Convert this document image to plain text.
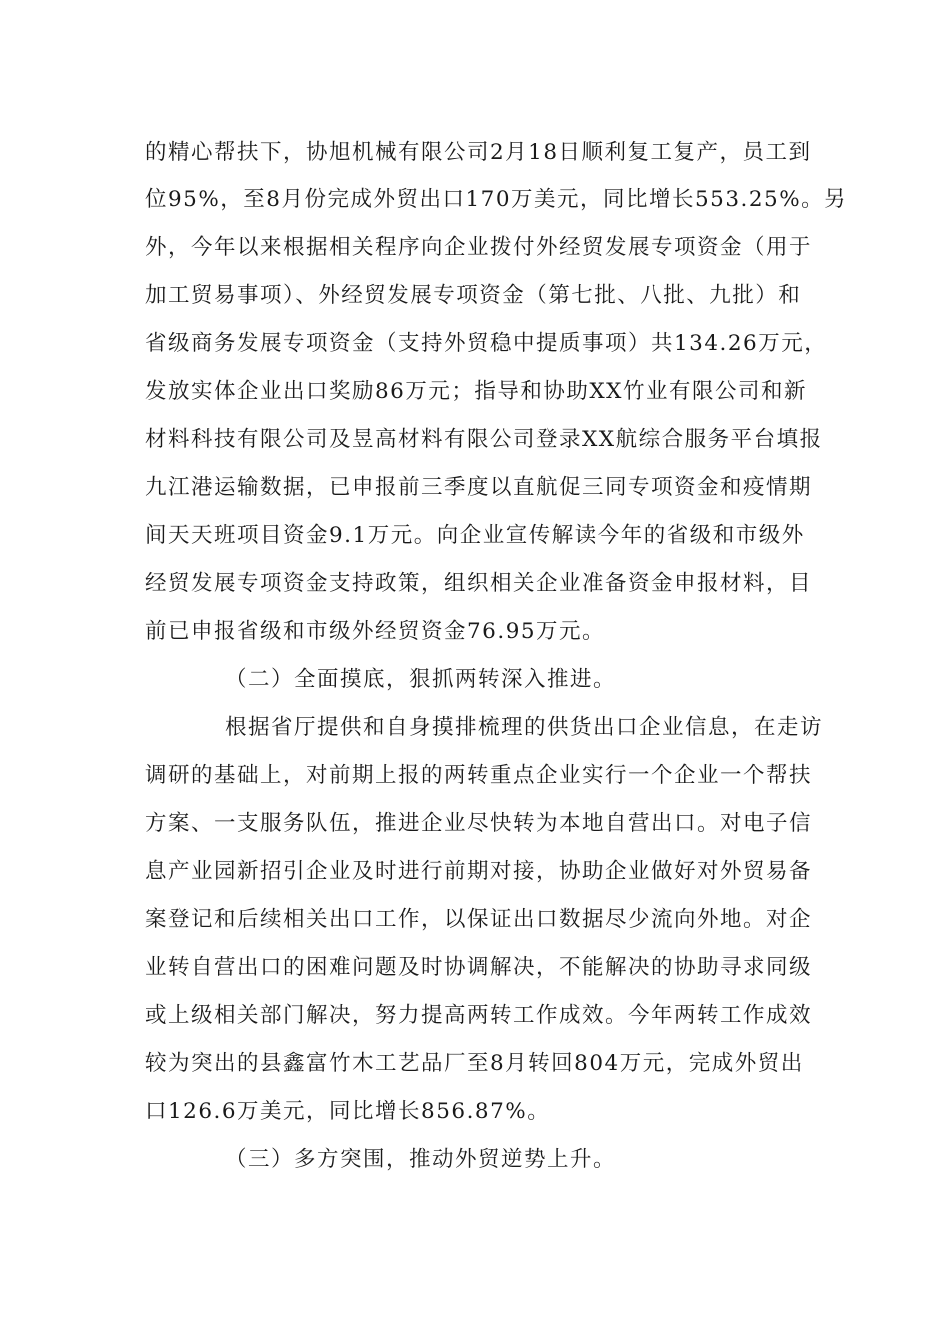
的精心帮扶下，协旭机械有限公司2月18日顺利复工复产，员工到
位95%，至8月份完成外贸出口170万美元，同比增长553.25%。另
外，今年以来根据相关程序向企业拨付外经贸发展专项资金（用于
加工贸易事项）、外经贸发展专项资金（第七批、八批、九批）和
省级商务发展专项资金（支持外贸稳中提质事项）共134.26万元，
发放实体企业出口奖励86万元；指导和协助XX竹业有限公司和新
材料科技有限公司及昱高材料有限公司登录XX航综合服务平台填报
九江港运输数据，已申报前三季度以直航促三同专项资金和疫情期
间天天班项目资金9.1万元。向企业宣传解读今年的省级和市级外
经贸发展专项资金支持政策，组织相关企业准备资金申报材料，目
前已申报省级和市级外经贸资金76.95万元。
（二）全面摸底，狠抓两转深入推进。
根据省厅提供和自身摸排梳理的供货出口企业信息，在走访
调研的基础上，对前期上报的两转重点企业实行一个企业一个帮扶
方案、一支服务队伍，推进企业尽快转为本地自营出口。对电子信
息产业园新招引企业及时进行前期对接，协助企业做好对外贸易备
案登记和后续相关出口工作，以保证出口数据尽少流向外地。对企
业转自营出口的困难问题及时协调解决，不能解决的协助寻求同级
或上级相关部门解决，努力提高两转工作成效。今年两转工作成效
较为突出的县鑫富竹木工艺品厂至8月转回804万元，完成外贸出
口126.6万美元，同比增长856.87%。
（三）多方突围，推动外贸逆势上升。
